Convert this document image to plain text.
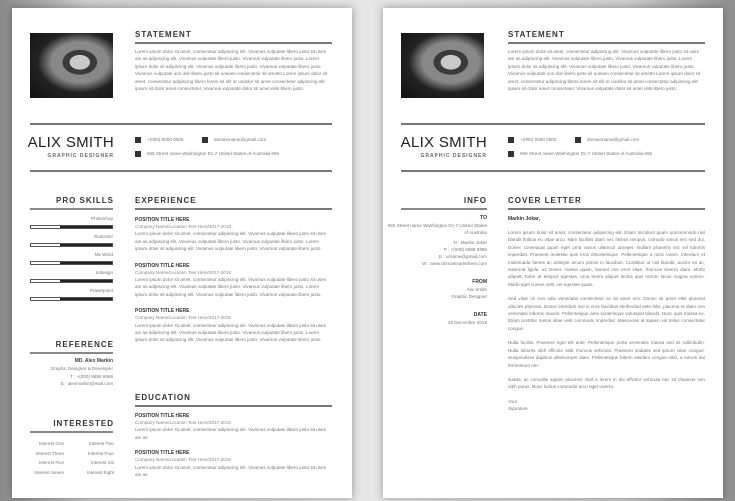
STATEMENT
Lorem ipsum dolor sit amet, consectetur adipiscing elit. Vivamus vulputate libero justo sit uses am as adipiscing elit. Vivamus vulputate libero justo. Vivamus vulputate libero justo. Lorem ipsum dolor sit adipiscing elit. Vivamus vulputate libero justo. Vivamus vulputate libero justo. Vivamus vulputate uos dolr libero justo sit uoeiam consectetur sit ametto Lorem ipsum dolor sit amet, consectetur adipiscing libero lorem sit elit or uodolor sit amet consectetur adipiscing elit ipsum sit dolor amet consectetur. Vivamus vulputate dolor sit amet elits libero justo.
ALIX SMITH
GRAPHIC DESIGNER
+(000) 0000 0000	domainname@gmail.com
666 Street name Washington Dc-7 United States of Australia 666
PRO SKILLS
Photoshop
Illustrator
Ms Word
Indesign
Powerpoint
EXPERIENCE
POSITION TITLE HERE
Company Name/Location Text Here/2017-2018
Lorem ipsum dolor sit amet, consectetur adipiscing elit. Vivamus vulputate libero justo sit uses am as adipiscing elit. Vivamus vulputate libero justo. Vivamus vulputate libero justo. Lorem ipsum dolor sit adipiscing elit. Vivamus vulputate libero justo. Vivamus vulputate libero justo.
POSITION TITLE HERE
Company Name/Location Text Here/2017-2018
Lorem ipsum dolor sit amet, consectetur adipiscing elit. Vivamus vulputate libero justo sit uses am as adipiscing elit. Vivamus vulputate libero justo. Vivamus vulputate libero justo. Lorem ipsum dolor sit adipiscing elit. Vivamus vulputate libero justo. Vivamus vulputate libero justo.
POSITION TITLE HERE
Company Name/Location Text Here/2017-2018
Lorem ipsum dolor sit amet, consectetur adipiscing elit. Vivamus vulputate libero justo sit uses am as adipiscing elit. Vivamus vulputate libero justo. Vivamus vulputate libero justo. Lorem ipsum dolor sit adipiscing elit. Vivamus vulputate libero justo. Vivamus vulputate libero justo.
REFERENCE
MD. Alex Markin
Graphic Designer & Developer
T : +(000) 8888 6666
E : alexmarkin@mail.com
INTERESTED
Interest One	Interest Two
Interest Three	Interest Four
Interest Five	Interest Six
Interest Seven	Interest Eight
EDUCATION
POSITION TITLE HERE
Company Name/Location Text Here/2017-2018
Lorem ipsum dolor sit amet, consectetur adipiscing elit. Vivamus vulputate libero justo sit uses am as
POSITION TITLE HERE
Company Name/Location Text Here/2017-2018
Lorem ipsum dolor sit amet, consectetur adipiscing elit. Vivamus vulputate libero justo sit uses am as
STATEMENT
Lorem ipsum dolor sit amet, consectetur adipiscing elit. Vivamus vulputate libero justo sit uses am as adipiscing elit. Vivamus vulputate libero justo. Vivamus vulputate libero justo. Lorem ipsum dolor sit adipiscing elit. Vivamus vulputate libero justo. Vivamus vulputate libero justo. Vivamus vulputate uos dolr libero justo sit uoeiam consectetur sit ametto Lorem ipsum dolor sit amet, consectetur adipiscing libero lorem sit elit or uodolor sit amet consectetur adipiscing elit ipsum sit dolor amet consectetur. Vivamus vulputate dolor sit amet elits libero justo.
ALIX SMITH
GRAPHIC DESIGNER
+(000) 0000 0000	domainname@gmail.com
666 Street name Washington Dc-7 United States of Australia 666
INFO
TO
666 Street name Washington Dc-7 United States of Australia
N : Markin Jokar
P : +(000) 8888 8888
E : urname@gmail.com
W : www.domainnamehere.com
FROM
Alix Smith
Graphic Designer
DATE
20 December 2018
COVER LETTER
Markin Jokar,
Lorem ipsum dolor sit amet, consectetur adipiscing elit. Etiam tincidunt quam uorcommodo nisl blandit finibus eu vitae arcu. Nam facilisis diam nec finibus tempus, comodo varius nec sed dui. Donec consequat quam eget urna varius ullamcor ameper. Nullam pharetra nisi vel lobortis imperdiet. Praesent molestie quis eros etscelerisque. Pellentesque a nunc lorem. Interdum et malesuada fames ac anteipin arcum primis in faucibus. Curabitur ut nisl blandit, auctor ex ac, euismod ligula. us Donec massa quam, laoreet non eros vitae, rhoncus viverra diam. Morbi aliquet, tortor at tempus egestas, urna lorem aliquet lectus quis rutrum lacus magna nonmo. Morbi eget cursus velit, vel egestas quam.
Sed vitae mi non odio venenatis consectetur ac sit amet orci. Donec sit amet elits placerat ultricies placerat. Donec interdum nisi in eros faucibus eleifendad ante felis, placerat et diam non venenatis lobortis mauris. Pellentesque ame scelerisque volutepat blandit. Nunc quis massa ex. Etiam porttitor metus vitae velit commodo imperdiet. Maecenas at sapien vel tellus consectetur congue.
Nulla facilisi. Praesent eget elit ante. Pellentesque porta venenatis massa sed sit sollicitudin. Nulla lobortis nibh efficitur velit rhoncus vehicula. Praesent sodales sed ipsum vitae congue. Suspendisse dapibus ullamcorper diam. Pellentesque bibem eleidum congue nibh, a rutrum dui fermentum nec.
suada, ac convallis sapien placerat. Sed a lorem in dui efficitur vehicula nec sit Vivamus non nibh purus. Nunc luctus commodo arcu eget viverra.
Your
Signature
